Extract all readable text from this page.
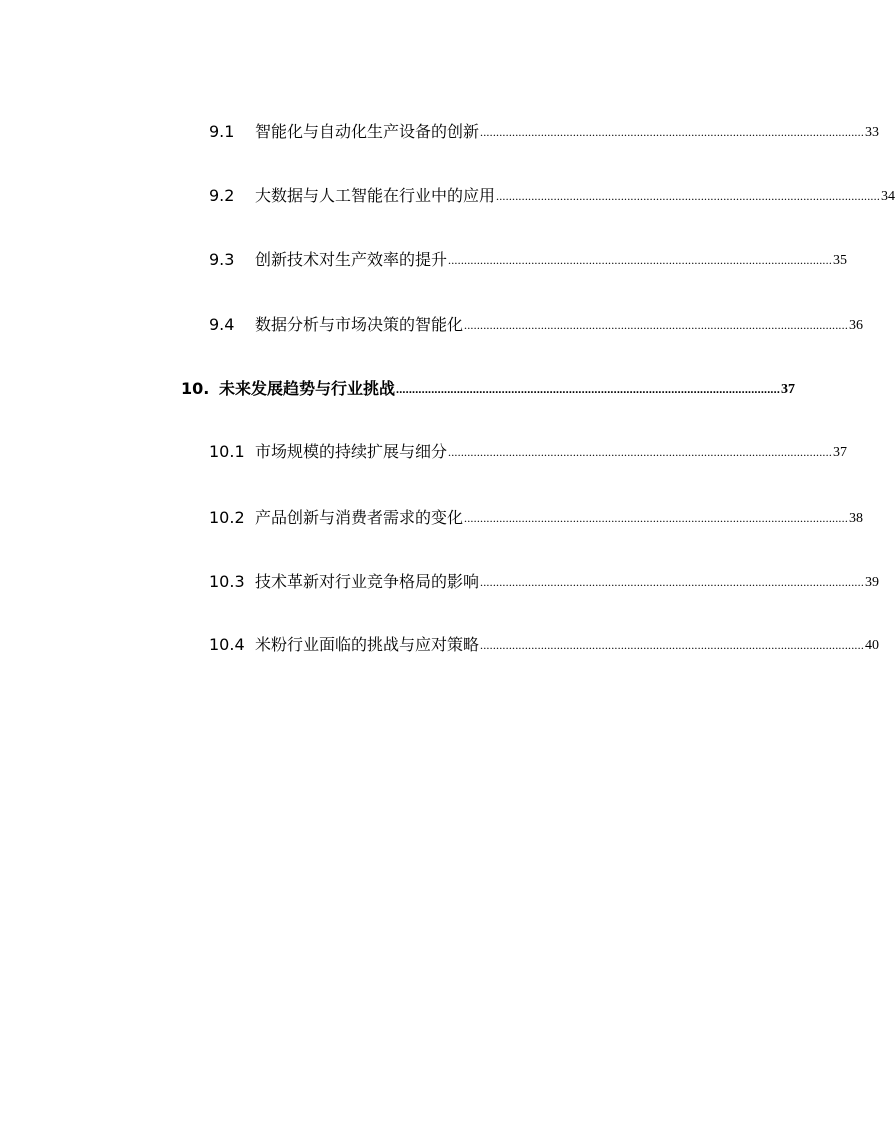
9.1	智能化与自动化生产设备的创新 ........................................................................................................................ 33
9.2	大数据与人工智能在行业中的应用 ........................................................................................................................ 34
9.3	创新技术对生产效率的提升 ........................................................................................................................ 35
9.4	数据分析与市场决策的智能化 ........................................................................................................................ 36
10. 未来发展趋势与行业挑战 ........................................................................................................................ 37
10.1 市场规模的持续扩展与细分 ........................................................................................................................ 37
10.2 产品创新与消费者需求的变化 ........................................................................................................................ 38
10.3 技术革新对行业竞争格局的影响 ........................................................................................................................ 39
10.4 米粉行业面临的挑战与应对策略 ........................................................................................................................ 40
